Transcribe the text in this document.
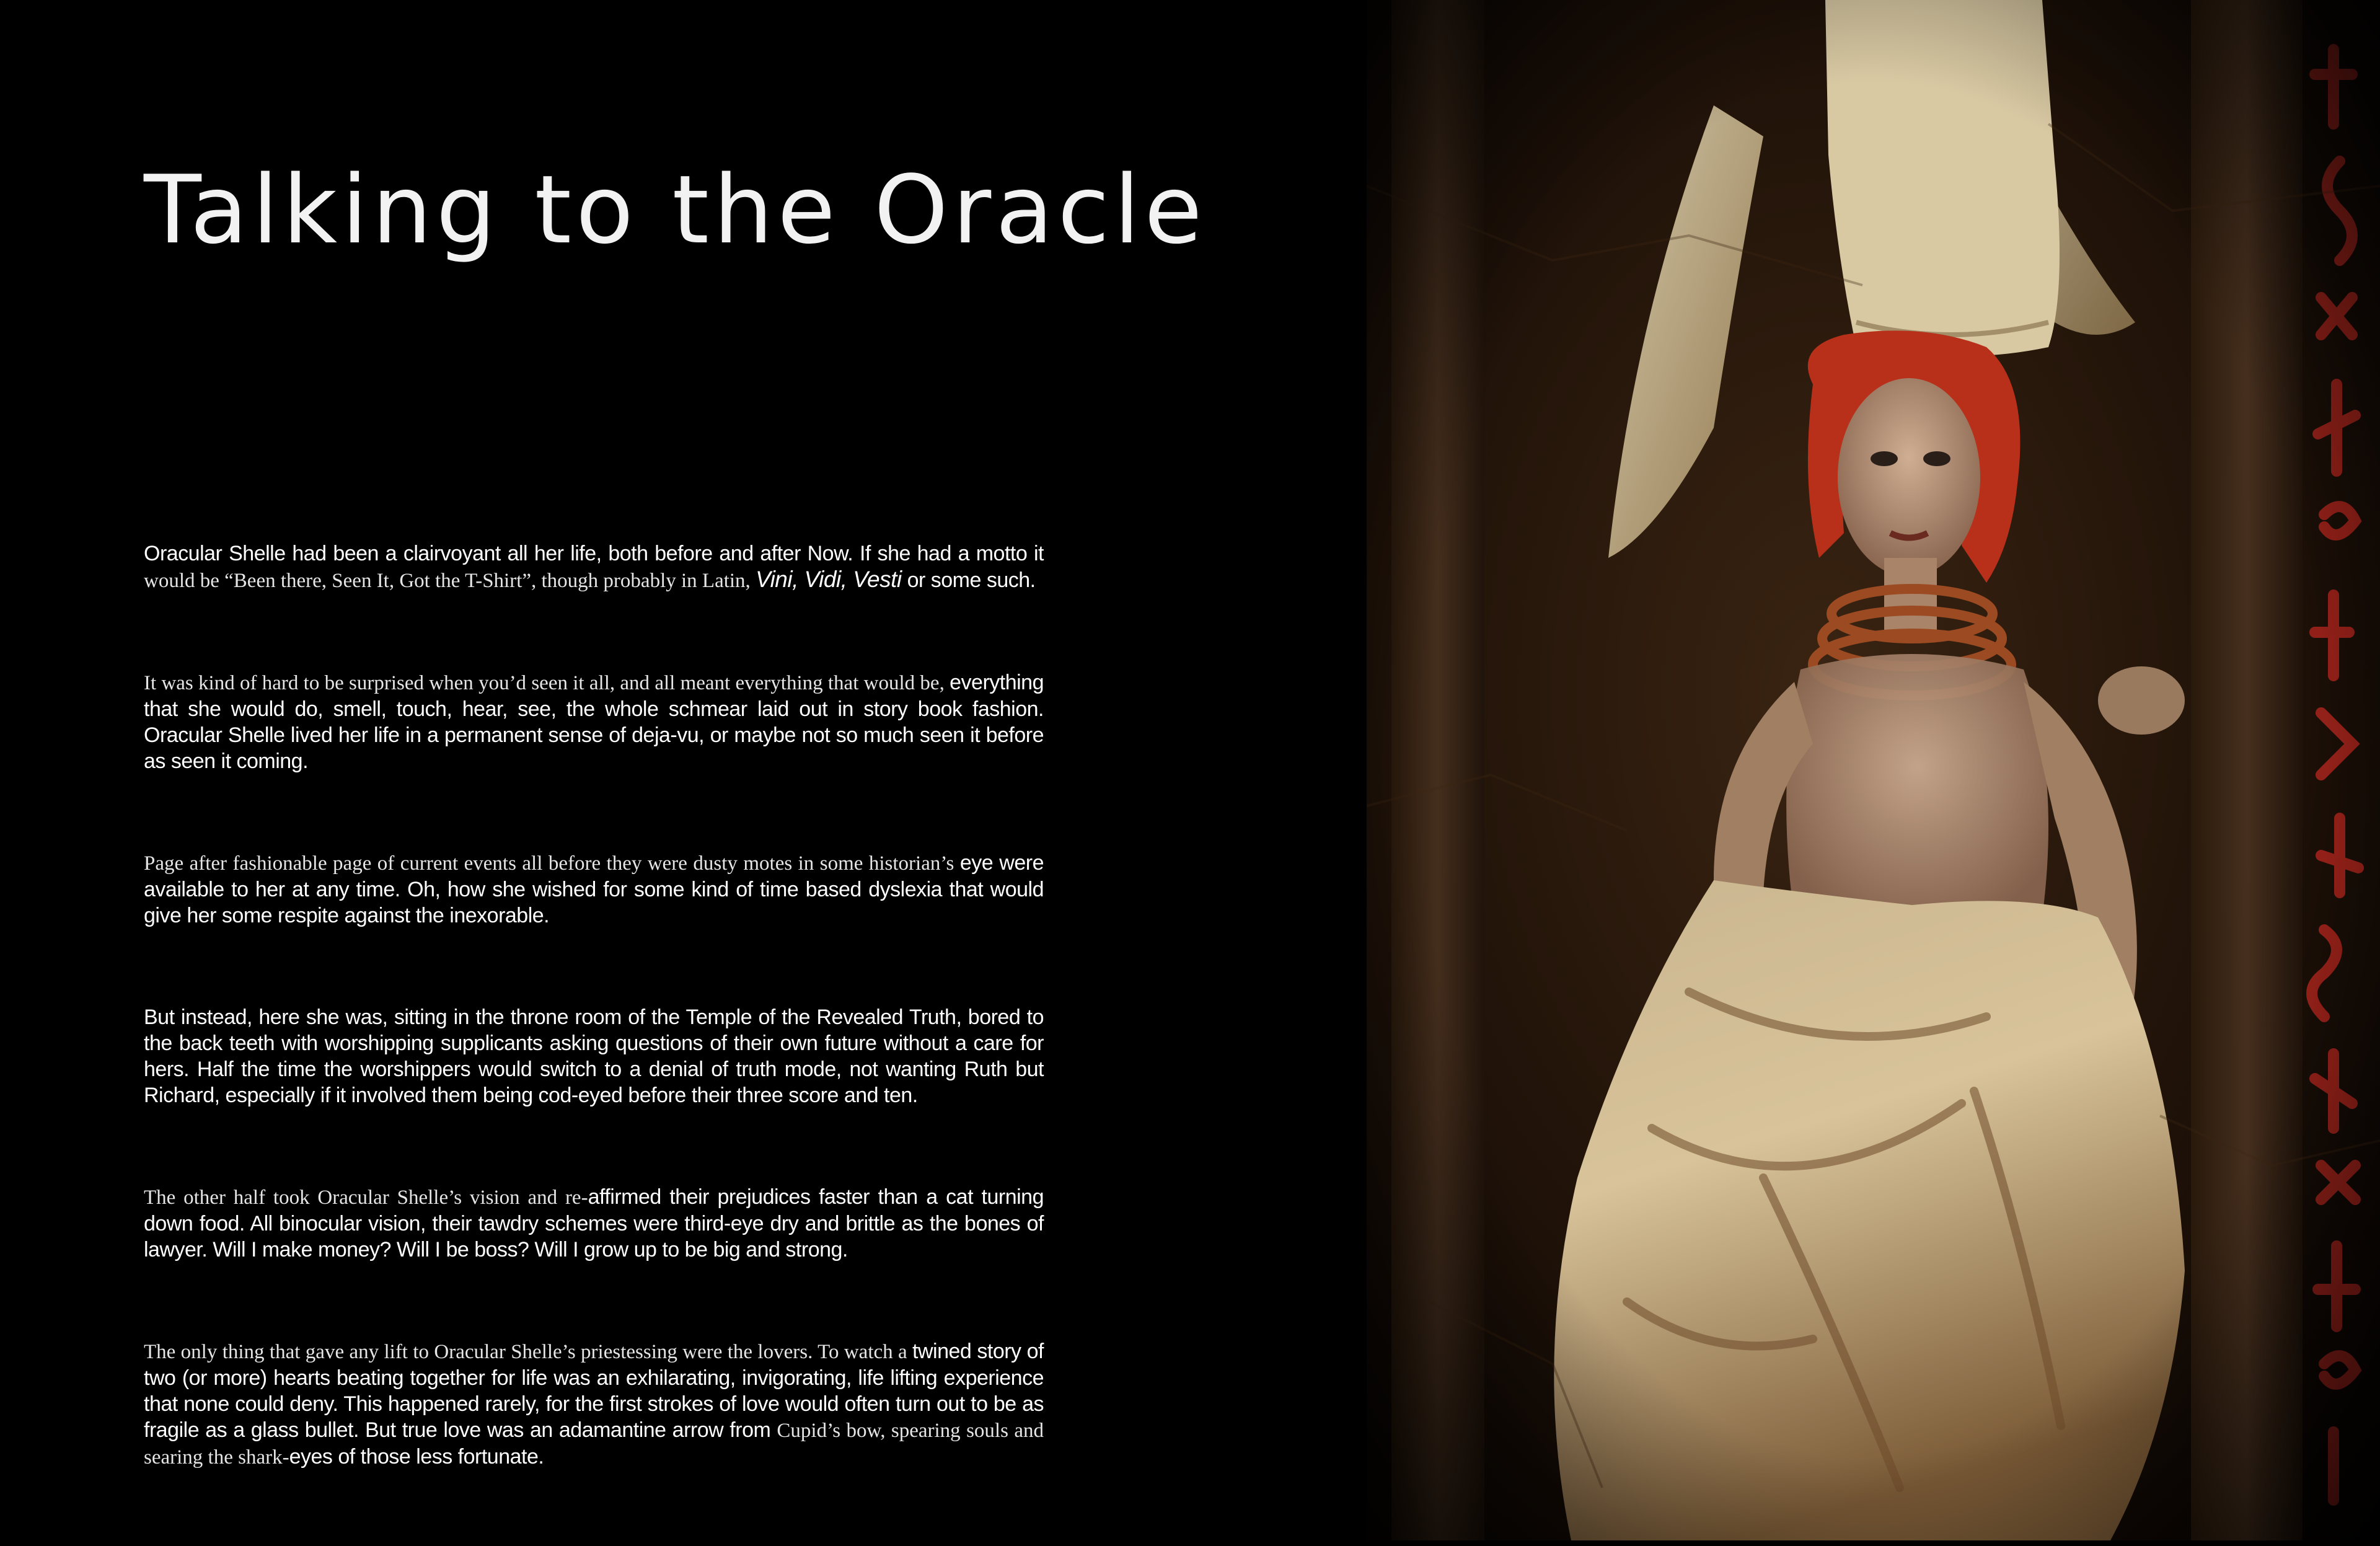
Talking to the Oracle

Oracular Shelle had been a clairvoyant all her life, both before and after Now. If she had a motto it would be “Been there, Seen It, Got the T-Shirt”, though probably in Latin, Vini, Vidi, Vesti or some such.

It was kind of hard to be surprised when you’d seen it all, and all meant everything that would be, everything that she would do, smell, touch, hear, see, the whole schmear laid out in story book fashion. Oracular Shelle lived her life in a permanent sense of deja-vu, or maybe not so much seen it before as seen it coming.

Page after fashionable page of current events all before they were dusty motes in some historian’s eye were available to her at any time. Oh, how she wished for some kind of time based dyslexia that would give her some respite against the inexorable.

But instead, here she was, sitting in the throne room of the Temple of the Revealed Truth, bored to the back teeth with worshipping supplicants asking questions of their own future without a care for hers. Half the time the worshippers would switch to a denial of truth mode, not wanting Ruth but Richard, especially if it involved them being cod-eyed before their three score and ten.

The other half took Oracular Shelle’s vision and re-affirmed their prejudices faster than a cat turning down food. All binocular vision, their tawdry schemes were third-eye dry and brittle as the bones of lawyer. Will I make money? Will I be boss? Will I grow up to be big and strong.

The only thing that gave any lift to Oracular Shelle’s priestessing were the lovers. To watch a twined story of two (or more) hearts beating together for life was an exhilarating, invigorating, life lifting experience that none could deny. This happened rarely, for the first strokes of love would often turn out to be as fragile as a glass bullet. But true love was an adamantine arrow from Cupid’s bow, spearing souls and searing the shark-eyes of those less fortunate.
